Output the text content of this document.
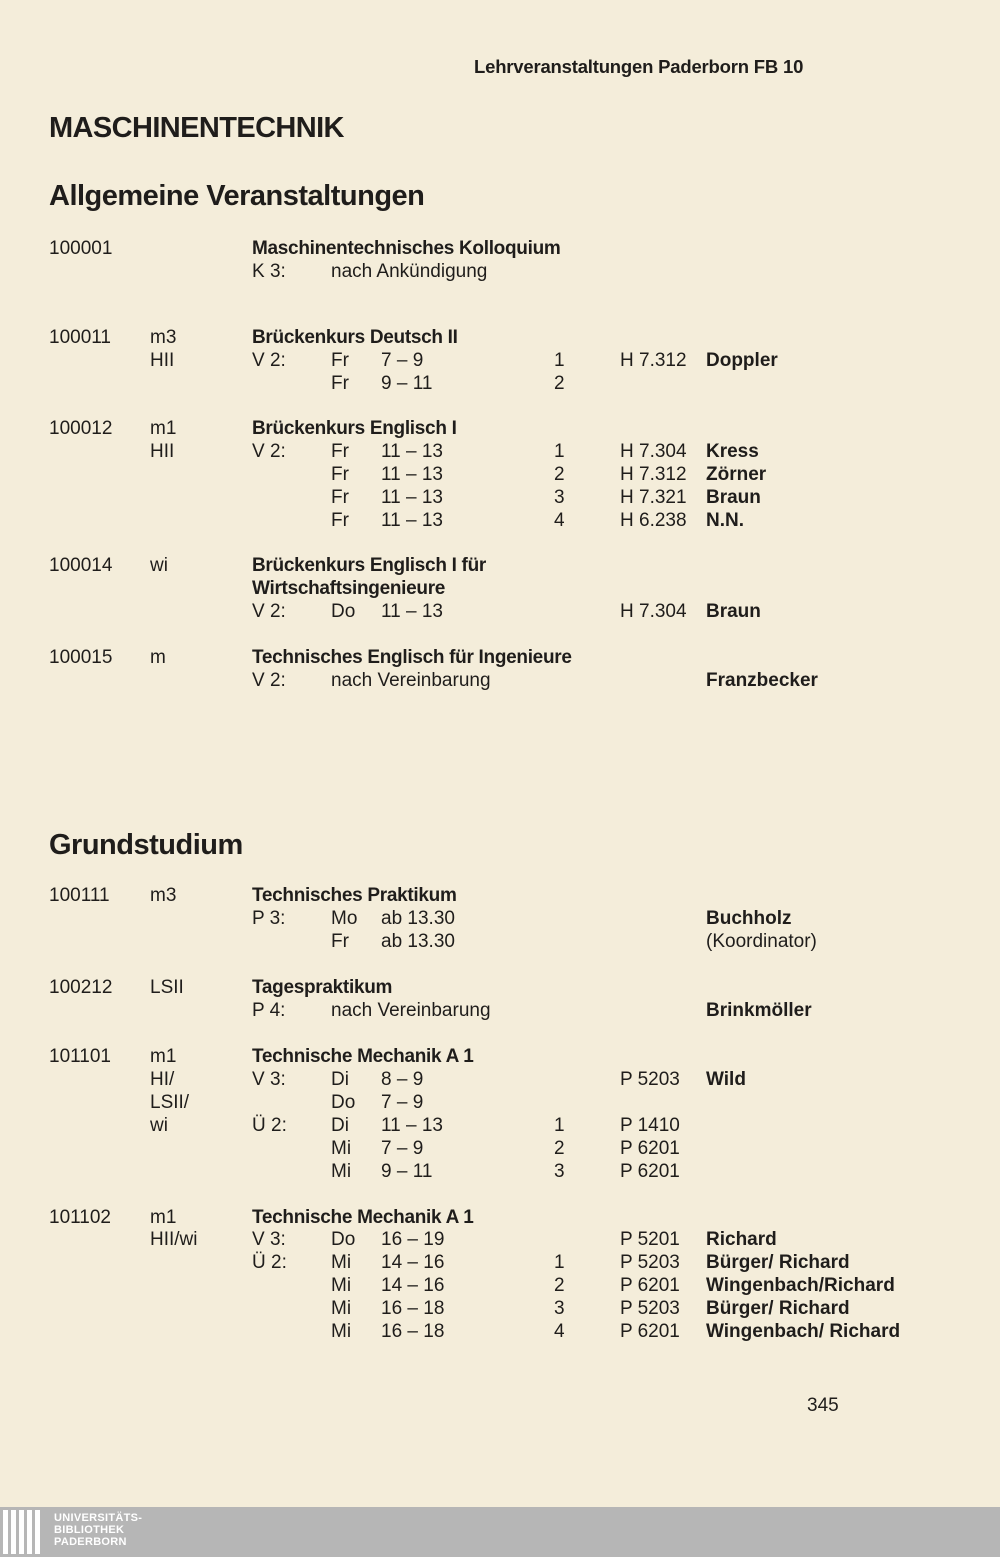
Lehrveranstaltungen Paderborn FB 10
MASCHINENTECHNIK
Allgemeine Veranstaltungen
100001	Maschinentechnisches Kolloquium
K 3: nach Ankündigung
100011 m3	Brückenkurs Deutsch II
HII	V 2: Fr 7 – 9	1	H 7.312 Doppler
Fr 9 – 11	2
100012 m1	Brückenkurs Englisch I
HII	V 2: Fr 11 – 13	1	H 7.304 Kress
Fr 11 – 13	2	H 7.312 Zörner
Fr 11 – 13	3	H 7.321 Braun
Fr 11 – 13	4	H 6.238 N.N.
100014 wi	Brückenkurs Englisch I für
Wirtschaftsingenieure
V 2: Do 11 – 13	H 7.304 Braun
100015 m	Technisches Englisch für Ingenieure
V 2: nach Vereinbarung	Franzbecker
Grundstudium
100111 m3	Technisches Praktikum
P 3: Mo ab 13.30	Buchholz
Fr ab 13.30	(Koordinator)
100212 LSII	Tagespraktikum
P 4: nach Vereinbarung	Brinkmöller
101101 m1	Technische Mechanik A 1
HI/	V 3: Di 8 – 9	P 5203 Wild
LSII/	Do 7 – 9
wi	Ü 2: Di 11 – 13	1	P 1410
Mi 7 – 9	2	P 6201
Mi 9 – 11	3	P 6201
101102 m1	Technische Mechanik A 1
HII/wi	V 3: Do 16 – 19	P 5201 Richard
Ü 2: Mi 14 – 16	1	P 5203 Bürger/ Richard
Mi 14 – 16	2	P 6201 Wingenbach/Richard
Mi 16 – 18	3	P 5203 Bürger/ Richard
Mi 16 – 18	4	P 6201 Wingenbach/ Richard
345
UNIVERSITÄTS-
BIBLIOTHEK
PADERBORN
